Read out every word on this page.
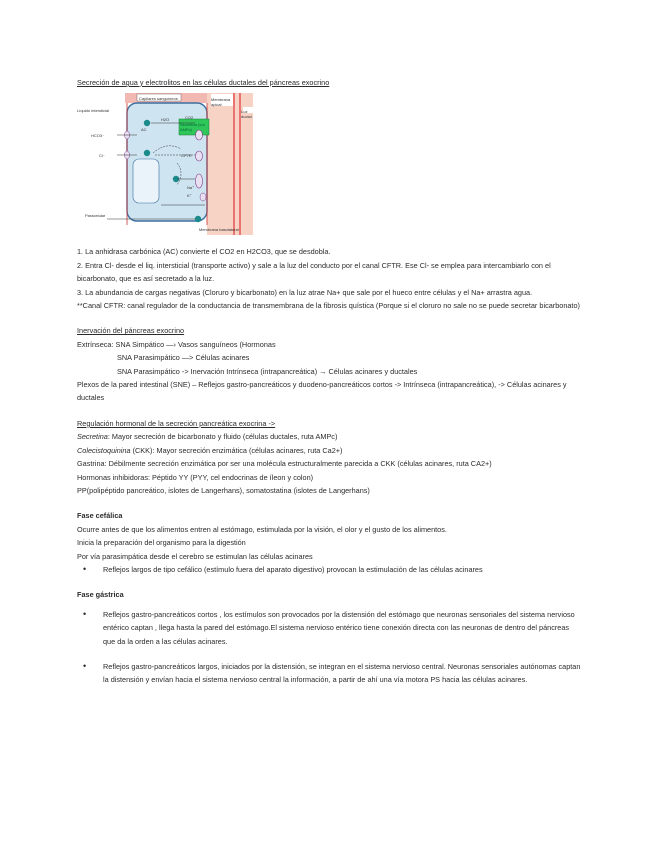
Secreción de agua y electrolitos en las células ductales del páncreas exocrino
Capilares sanguíneos
Líquido intersticial	Luz ductal
Secretina (vía AMPc)
HCO3⁻
Cl⁻
H2O	CO2
CFTR
AC
Na⁺
K⁺
Paracelular
Membrana basolateral
Membrana apical
1. La anhidrasa carbónica (AC) convierte el CO2 en H2CO3, que se desdobla.
2. Entra Cl- desde el liq. intersticial (transporte activo) y sale a la luz del conducto por el canal CFTR. Ese Cl- se emplea para intercambiarlo con el bicarbonato, que es así secretado a la luz.
3. La abundancia de cargas negativas (Cloruro y bicarbonato) en la luz atrae Na+ que sale por el hueco entre células y el Na+ arrastra agua.
**Canal CFTR: canal regulador de la conductancia de transmembrana de la fibrosis quística (Porque si el cloruro no sale no se puede secretar bicarbonato)
Inervación del páncreas exocrino
Extrínseca: SNA Simpático —› Vasos sanguíneos (Hormonas
SNA Parasimpático —> Células acinares
SNA Parasimpático -> Inervación Intrínseca (intrapancreática) → Células acinares y ductales
Plexos de la pared intestinal (SNE) – Reflejos gastro-pancreáticos y duodeno-pancreáticos cortos -> Intrínseca (intrapancreática), -> Células acinares y ductales
Regulación hormonal de la secreción pancreática exocrina ->
Secretina: Mayor secreción de bicarbonato y fluido (células ductales, ruta AMPc)
Colecistoquinina (CKK): Mayor secreción enzimática (células acinares, ruta Ca2+)
Gastrina: Débilmente secreción enzimática por ser una molécula estructuralmente parecida a CKK (células acinares, ruta CA2+)
Hormonas inhibidoras: Péptido YY (PYY, cel endocrinas de íleon y colon)
PP(polipéptido pancreático, islotes de Langerhans), somatostatina (islotes de Langerhans)
Fase cefálica
Ocurre antes de que los alimentos entren al estómago, estimulada por la visión, el olor y el gusto de los alimentos.
Inicia la preparación del organismo para la digestión
Por vía parasimpática desde el cerebro se estimulan las células acinares
•	Reflejos largos de tipo cefálico (estímulo fuera del aparato digestivo) provocan la estimulación de las células acinares
Fase gástrica
•	Reflejos gastro-pancreáticos cortos , los estímulos son provocados por la distensión del estómago que neuronas sensoriales del sistema nervioso entérico captan , llega hasta la pared del estómago.El sistema nervioso entérico tiene conexión directa con las neuronas de dentro del páncreas que da la orden a las células acinares.
•	Reflejos gastro-pancreáticos largos, iniciados por la distensión, se integran en el sistema nervioso central. Neuronas sensoriales autónomas captan la distensión y envían hacia el sistema nervioso central la información, a partir de ahí una vía motora PS hacia las células acinares.
